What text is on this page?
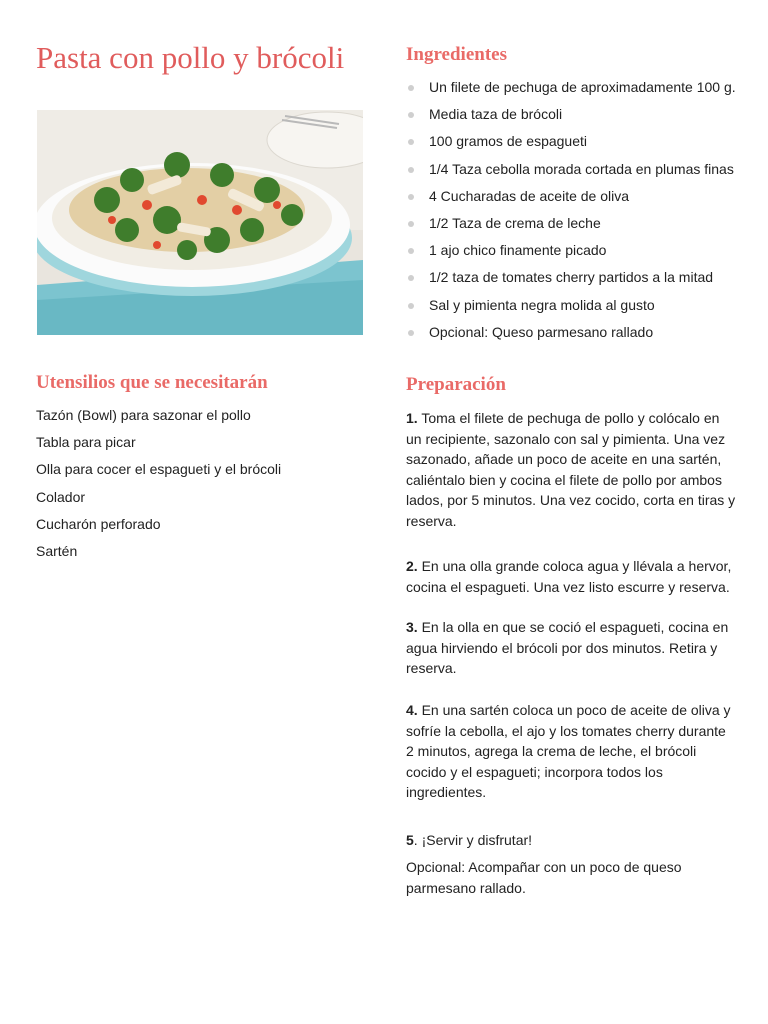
Pasta con pollo y brócoli	Ingredientes
Un filete de pechuga de aproximadamente 100 g.
Media taza de brócoli
100 gramos de espagueti
1/4 Taza cebolla morada cortada en plumas finas
4 Cucharadas de aceite de oliva
1/2 Taza de crema de leche
1 ajo chico finamente picado
1/2 taza de tomates cherry partidos a la mitad
Sal y pimienta negra molida al gusto
Opcional: Queso parmesano rallado
Utensilios que se necesitarán
Tazón (Bowl) para sazonar el pollo
Tabla para picar
Olla para cocer el espagueti y el brócoli
Colador
Cucharón perforado
Sartén
Preparación

1. Toma el filete de pechuga de pollo y colócalo en un recipiente, sazonalo con sal y pimienta. Una vez sazonado, añade un poco de aceite en una sartén, caliéntalo bien y cocina el filete de pollo por ambos lados, por 5 minutos. Una vez cocido, corta en tiras y reserva.

2. En una olla grande coloca agua y llévala a hervor, cocina el espagueti. Una vez listo escurre y reserva.

3. En la olla en que se coció el espagueti, cocina en agua hirviendo el brócoli por dos minutos. Retira y reserva.

4. En una sartén coloca un poco de aceite de oliva y sofríe la cebolla, el ajo y los tomates cherry durante 2 minutos, agrega la crema de leche, el brócoli cocido y el espagueti; incorpora todos los ingredientes.

5. ¡Servir y disfrutar!

Opcional: Acompañar con un poco de queso parmesano rallado.
